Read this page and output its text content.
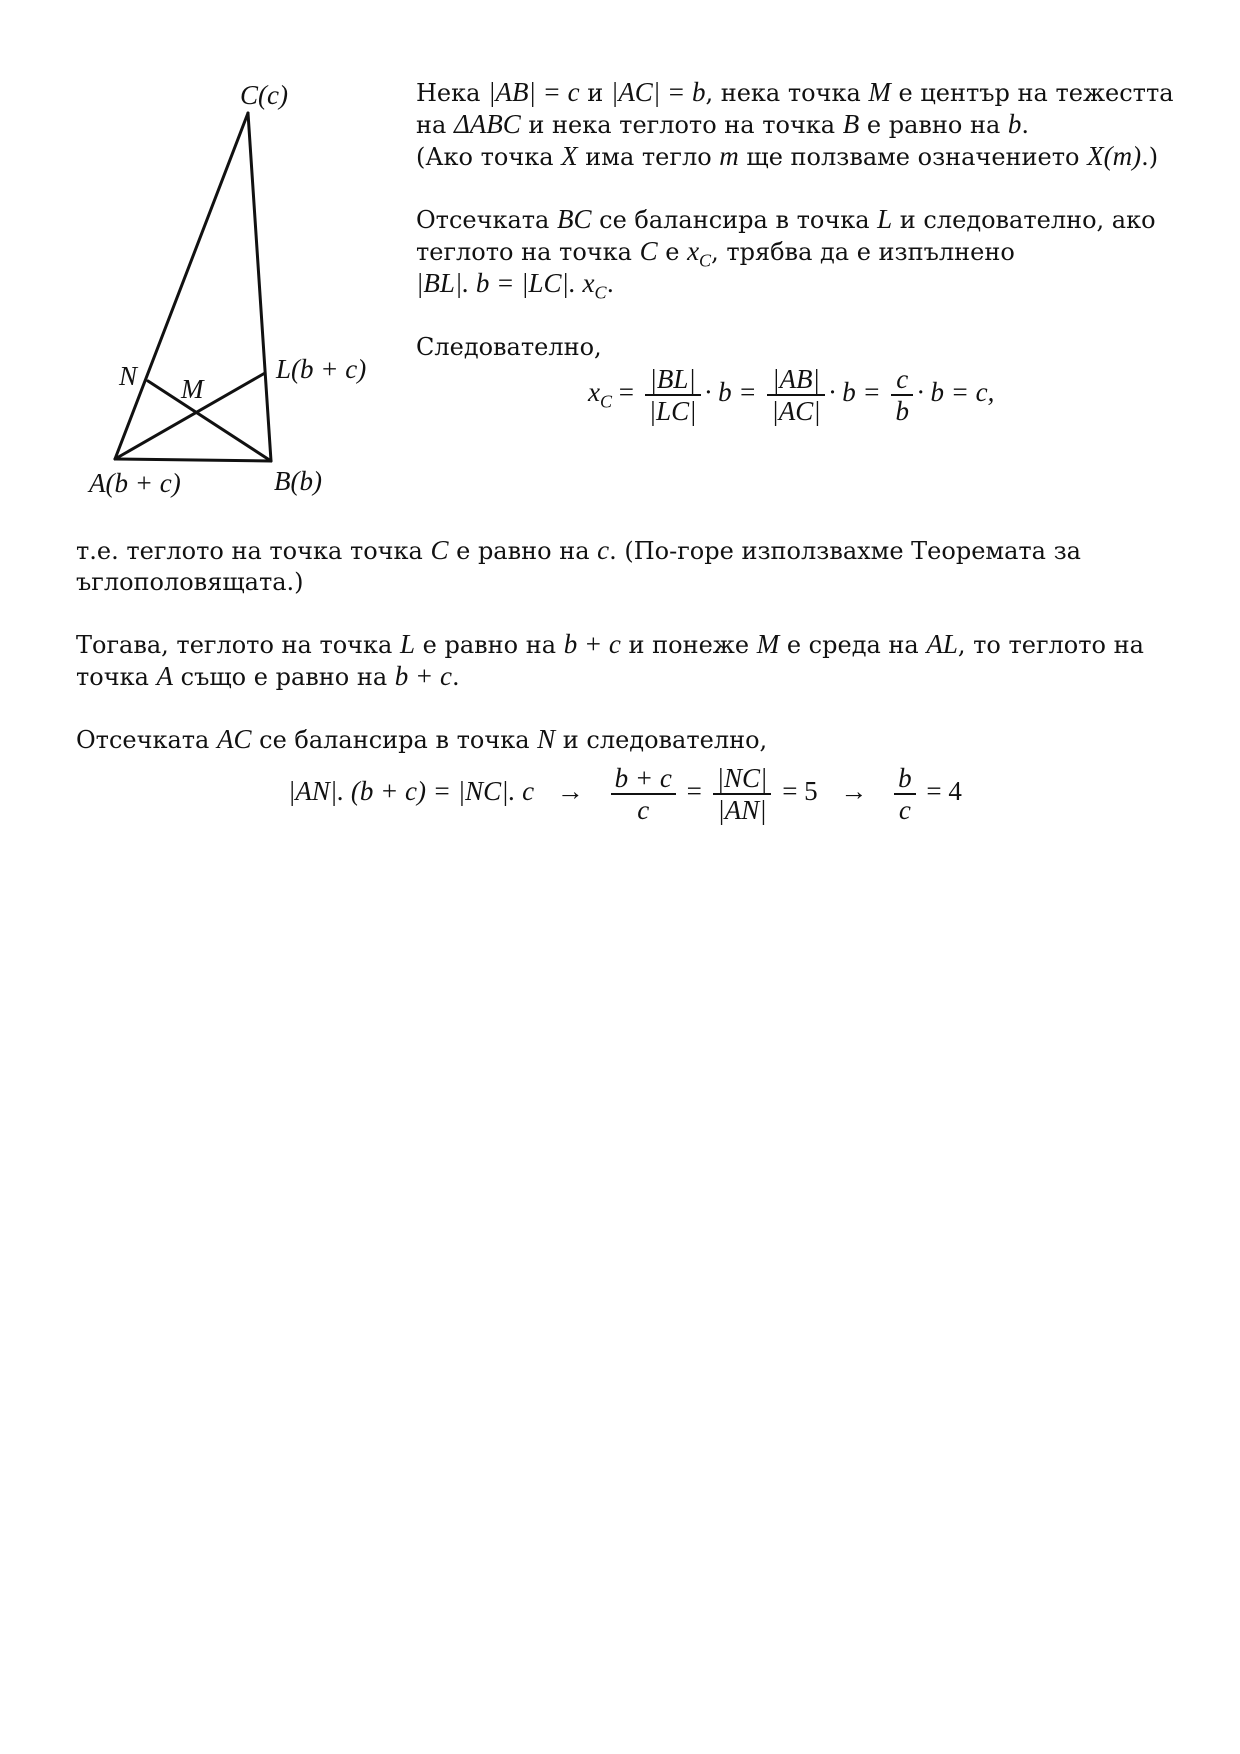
C(c)
L(b + c)
N M
A(b + c)	B(b)
Нека |AB| = c и |AC| = b, нека точка M е център на тежестта
на ΔABC и нека теглото на точка B е равно на b.
(Ако точка X има тегло m ще ползваме означението X(m).)
Отсечката BC се балансира в точка L и следователно, ако
теглото на точка C е $x_C$, трябва да е изпълнено
|BL|. b = |LC|. $x_C$.
Следователно,
$x_C = \frac{|BL|}{|LC|} \cdot b = \frac{|AB|}{|AC|} \cdot b = \frac{c}{b} \cdot b = c$,
т.е. теглото на точка точка C е равно на c. (По-горе използвахме Теоремата за
ъглополовящата.)
Тогава, теглото на точка L е равно на b + c и понеже M е среда на AL, то теглото на
точка A също е равно на b + c.
Отсечката AC се балансира в точка N и следователно,
|AN|. (b + c) = |NC|. $c \to \frac{b + c}{c} = \frac{|NC|}{|AN|} = 5 \to \frac{b}{c} = 4$
